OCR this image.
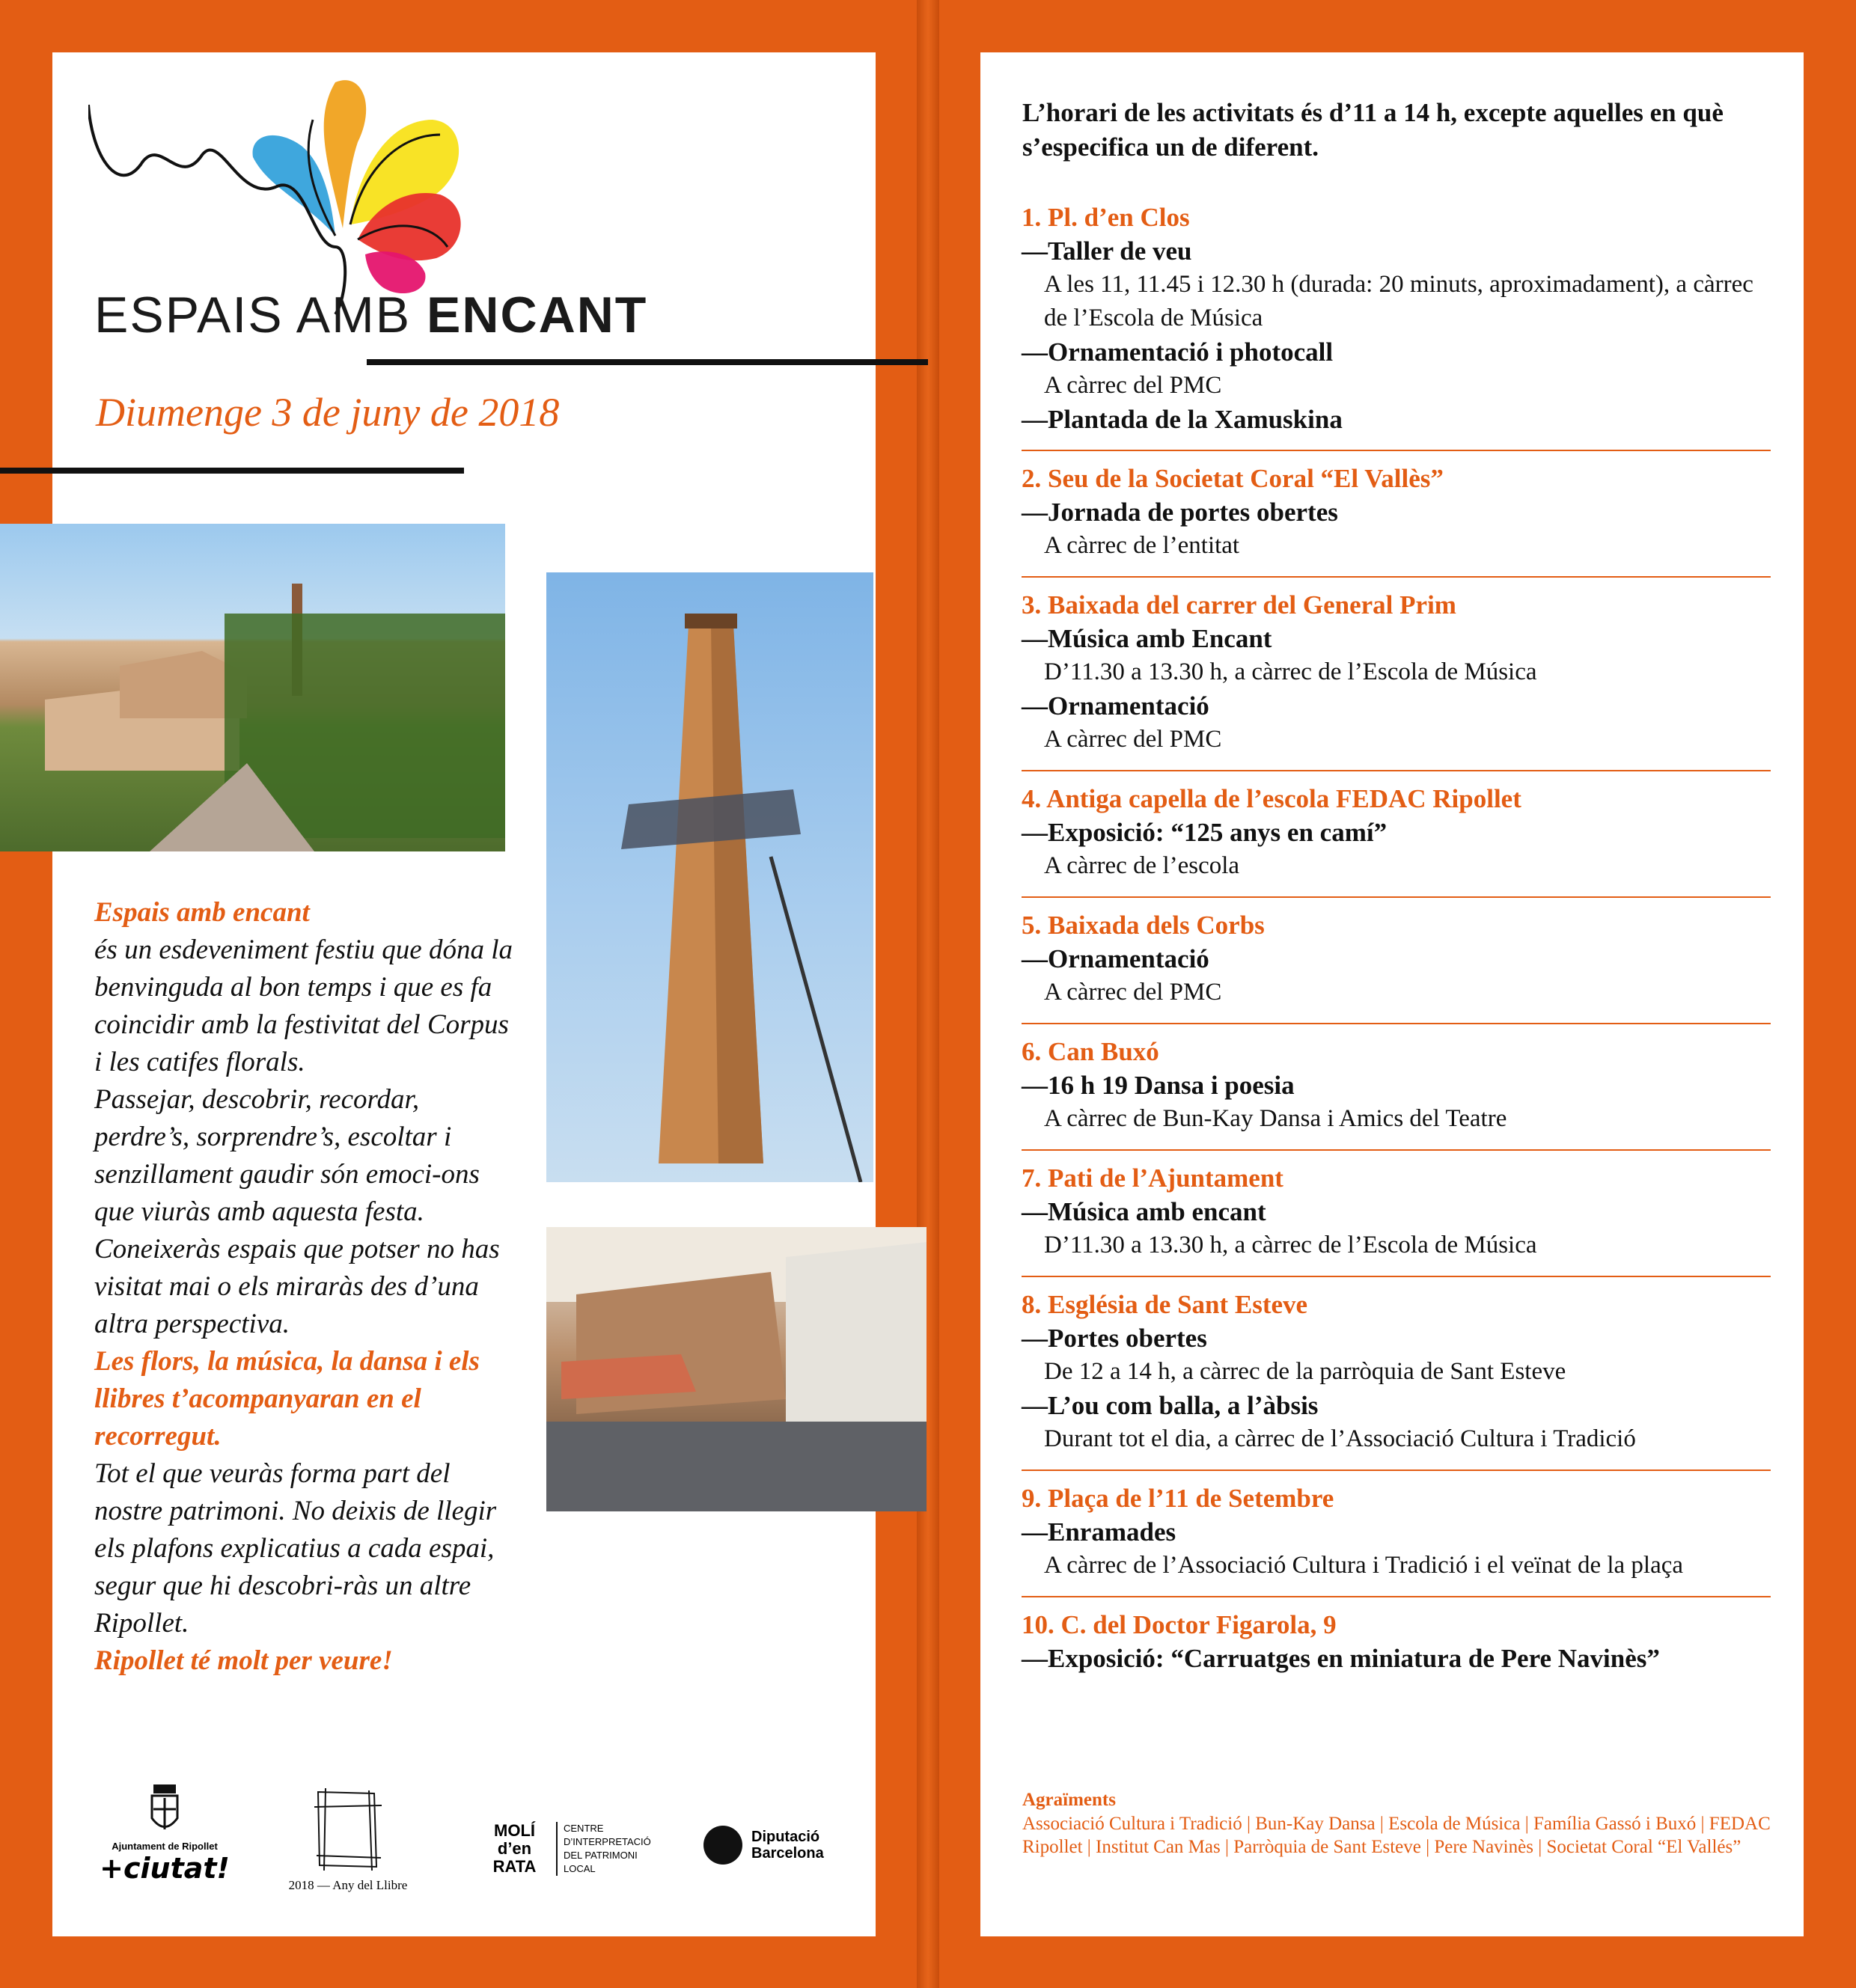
ESPAIS AMB ENCANT
Diumenge 3 de juny de 2018
Espais amb encant
és un esdeveniment festiu que dóna la benvinguda al bon temps i que es fa coincidir amb la festivitat del Corpus i les catifes florals.
Passejar, descobrir, recordar, perdre’s, sorprendre’s, escoltar i senzillament gaudir són emoci-ons que viuràs amb aquesta festa. Coneixeràs espais que potser no has visitat mai o els miraràs des d’una altra perspectiva.
Les flors, la música, la dansa i els llibres t’acompanyaran en el recorregut.
Tot el que veuràs forma part del nostre patrimoni. No deixis de llegir els plafons explicatius a cada espai, segur que hi descobri-ràs un altre Ripollet.
Ripollet té molt per veure!
Ajuntament de Ripollet
+ciutat!
2018 — Any del Llibre
MOLÍ
d’en
RATA
CENTRE
D’INTERPRETACIÓ
DEL PATRIMONI
LOCAL
Diputació
Barcelona
L’horari de les activitats és d’11 a 14 h, excepte aquelles en què s’especifica un de diferent.
1. Pl. d’en Clos
—Taller de veu
A les 11, 11.45 i 12.30 h (durada: 20 minuts, aproximadament), a càrrec de l’Escola de Música
—Ornamentació i photocall
A càrrec del PMC
—Plantada de la Xamuskina
2. Seu de la Societat Coral “El Vallès”
—Jornada de portes obertes
A càrrec de l’entitat
3. Baixada del carrer del General Prim
—Música amb Encant
D’11.30 a 13.30 h, a càrrec de l’Escola de Música
—Ornamentació
A càrrec del PMC
4. Antiga capella de l’escola FEDAC Ripollet
—Exposició: “125 anys en camí”
A càrrec de l’escola
5. Baixada dels Corbs
—Ornamentació
A càrrec del PMC
6. Can Buxó
—16 h 19 Dansa i poesia
A càrrec de Bun-Kay Dansa i Amics del Teatre
7. Pati de l’Ajuntament
—Música amb encant
D’11.30 a 13.30 h, a càrrec de l’Escola de Música
8. Església de Sant Esteve
—Portes obertes
De 12 a 14 h, a càrrec de la parròquia de Sant Esteve
—L’ou com balla, a l’àbsis
Durant tot el dia, a càrrec de l’Associació Cultura i Tradició
9. Plaça de l’11 de Setembre
—Enramades
A càrrec de l’Associació Cultura i Tradició i el veïnat de la plaça
10. C. del Doctor Figarola, 9
—Exposició: “Carruatges en miniatura de Pere Navinès”
Agraïments
Associació Cultura i Tradició | Bun-Kay Dansa | Escola de Música | Família Gassó i Buxó | FEDAC Ripollet | Institut Can Mas | Parròquia de Sant Esteve | Pere Navinès | Societat Coral “El Vallés”
